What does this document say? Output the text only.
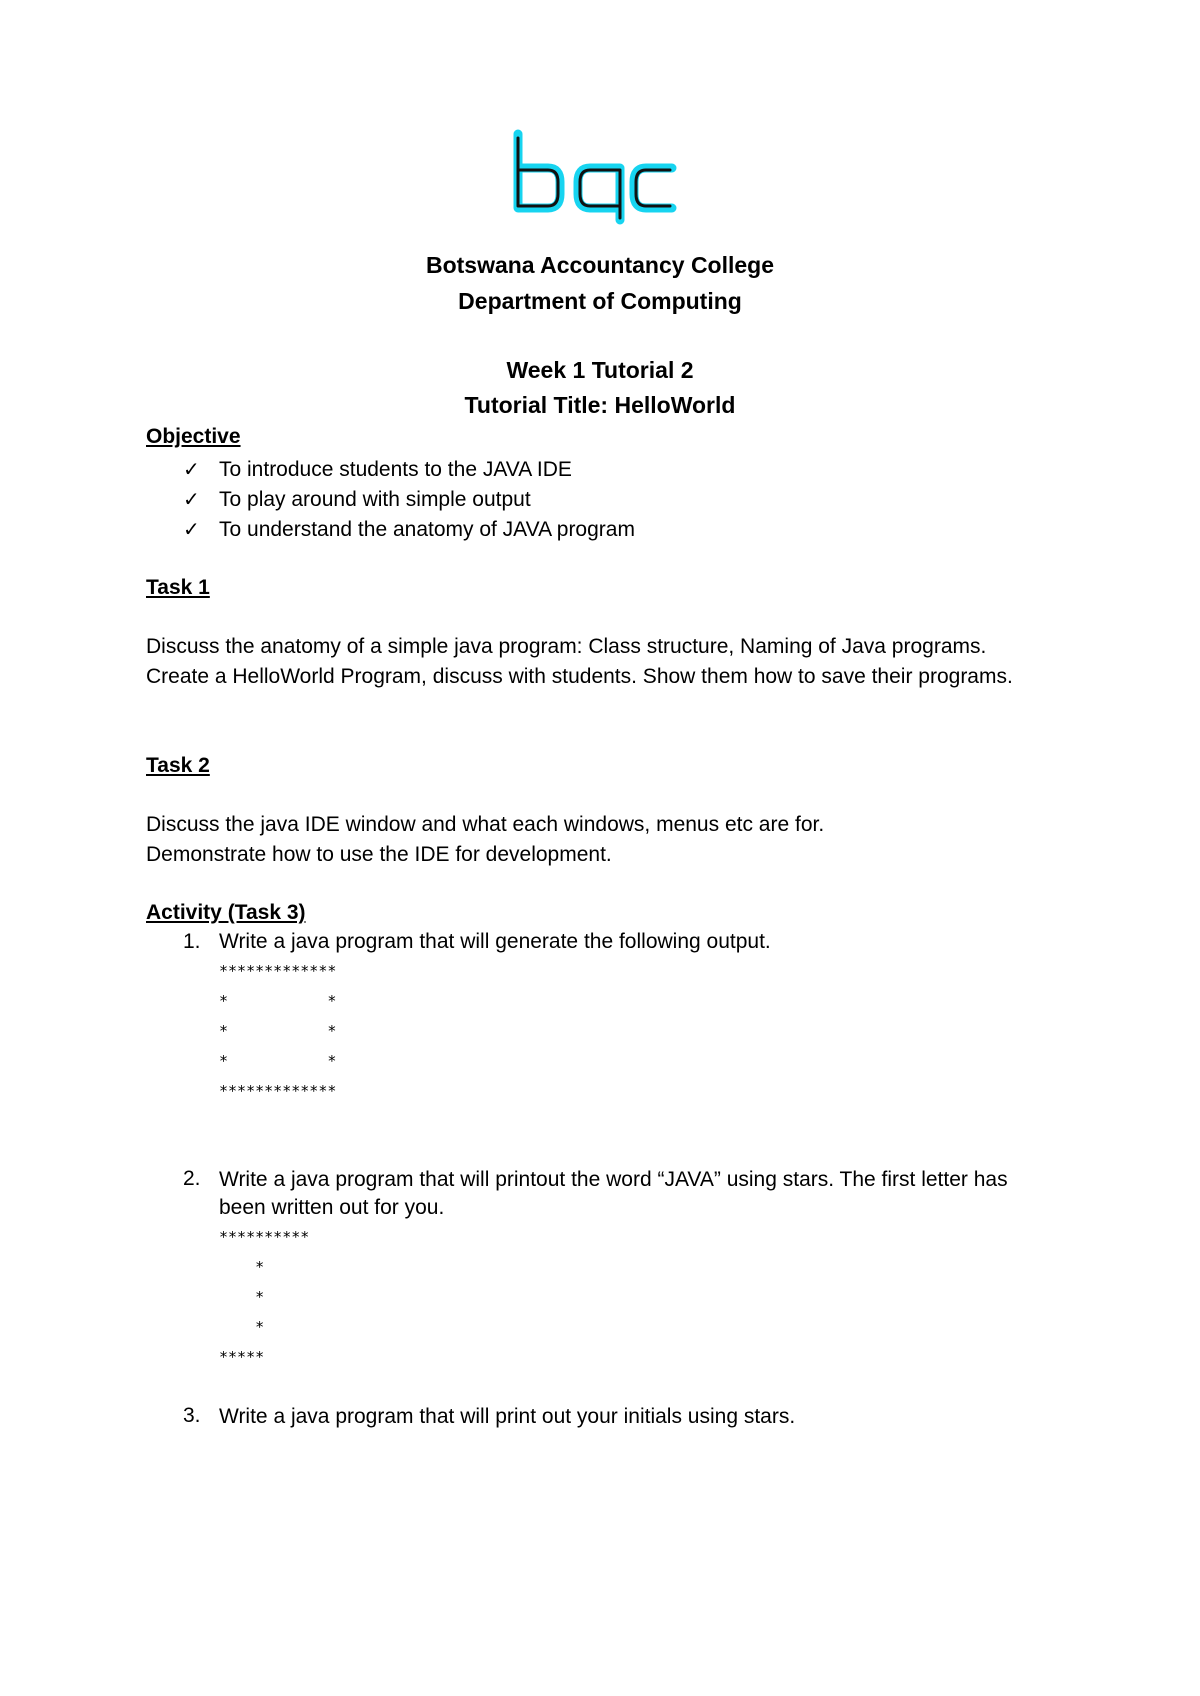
Botswana Accountancy College
Department of Computing
Week 1 Tutorial 2
Tutorial Title: HelloWorld
Objective
✓ To introduce students to the JAVA IDE
✓ To play around with simple output
✓ To understand the anatomy of JAVA program
Task 1
Discuss the anatomy of a simple java program: Class structure, Naming of Java programs.
Create a HelloWorld Program, discuss with students. Show them how to save their programs.
Task 2
Discuss the java IDE window and what each windows, menus etc are for.
Demonstrate how to use the IDE for development.
Activity (Task 3)
1. Write a java program that will generate the following output.
*************
*           *
*           *
*           *
*************
2. Write a java program that will printout the word “JAVA” using stars. The first letter has been written out for you.
**********
*
*
*
*****
3. Write a java program that will print out your initials using stars.
